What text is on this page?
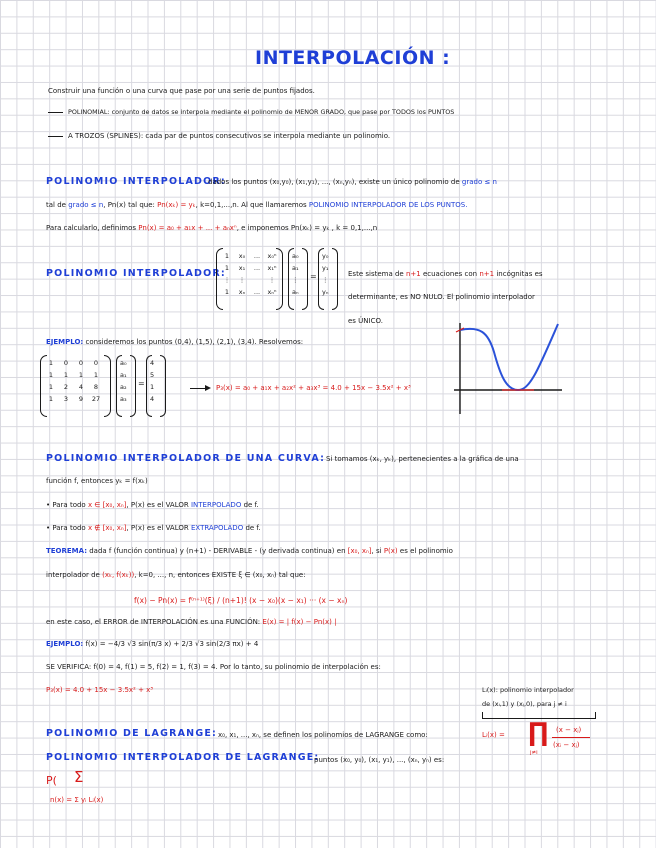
INTERPOLACIÓN :
Construir una función o una curva que pase por una serie de puntos fijados.
POLINOMIAL: conjunto de datos se interpola mediante el polinomio de MENOR GRADO, que pase por TODOS los PUNTOS
A TROZOS (SPLINES): cada par de puntos consecutivos se interpola mediante un polinomio.
POLINOMIO INTERPOLADOR:
dados los puntos (x₀,y₀), (x₁,y₁), ..., (xₙ,yₙ), existe un único polinomio de grado ≤ n
tal de grado ≤ n, Pn(x) tal que: Pn(xₖ) = yₖ, k=0,1,...,n. Al que llamaremos POLINOMIO INTERPOLADOR DE LOS PUNTOS.
Para calcularlo, definimos Pn(x) = a₀ + a₁x + ... + aₙxⁿ, e imponemos Pn(xₖ) = yₖ , k = 0,1,...,n
POLINOMIO INTERPOLADOR:
1	x₀ ... x₀ⁿ
1	x₁ ... x₁ⁿ
⋮ ⋮	⋮
1	xₙ ... xₙⁿ
a₀
a₁
⋮
aₙ
=
y₀
y₁
⋮
yₙ
Este sistema de n+1 ecuaciones con n+1 incógnitas es
determinante, es NO NULO. El polinomio interpolador
es ÚNICO.
EJEMPLO: consideremos los puntos (0,4), (1,5), (2,1), (3,4). Resolvemos:
1	0	0	0
1	1	1	1
1	2	4	8
1	3	9	27
a₀
a₁
a₂
a₃
=
4
5
1
4
P₃(x) = a₀ + a₁x + a₂x² + a₃x³ = 4.0 + 15x − 3.5x² + x³
POLINOMIO INTERPOLADOR DE UNA CURVA: Si tomamos (xₖ, yₖ), pertenecientes a la gráfica de una
función f, entonces yₖ = f(xₖ)
• Para todo x ∈ [x₀, xₙ], P(x) es el VALOR INTERPOLADO de f.
• Para todo x ∉ [x₀, xₙ], P(x) es el VALOR EXTRAPOLADO de f.
TEOREMA: dada f (función continua) y (n+1) - DERIVABLE - (y derivada continua) en [x₀, xₙ], si P(x) es el polinomio
interpolador de (xₖ, f(xₖ)), k=0, ..., n, entonces EXISTE ξ ∈ (x₀, xₙ) tal que:
f(x) − Pn(x) = f⁽ⁿ⁺¹⁾(ξ) / (n+1)! (x − x₀)(x − x₁) ··· (x − xₙ)
en este caso, el ERROR de INTERPOLACIÓN es una FUNCIÓN: E(x) = | f(x) − Pn(x) |
EJEMPLO: f(x) = −4/3 √3 sin(π/3 x) + 2/3 √3 sin(2/3 πx) + 4
SE VERIFICA: f(0) = 4, f(1) = 5, f(2) = 1, f(3) = 4. Por lo tanto, su polinomio de interpolación es:
P₃(x) = 4.0 + 15x − 3.5x² + x³	Lᵢ(x): polinomio interpolador
de (xᵢ,1) y (xⱼ,0), para j ≠ i
POLINOMIO DE LAGRANGE: x₀, x₁, ..., xₙ, se definen los polinomios de LAGRANGE como:	Lᵢ(x) = ∏
j≠i
(x − xⱼ)
(xᵢ − xⱼ)
POLINOMIO INTERPOLADOR DE LAGRANGE:
puntos (x₀, y₀), (x₁, y₁), ..., (xₙ, yₙ) es:
P( Σ
n(x) = Σ yᵢ Lᵢ(x)
